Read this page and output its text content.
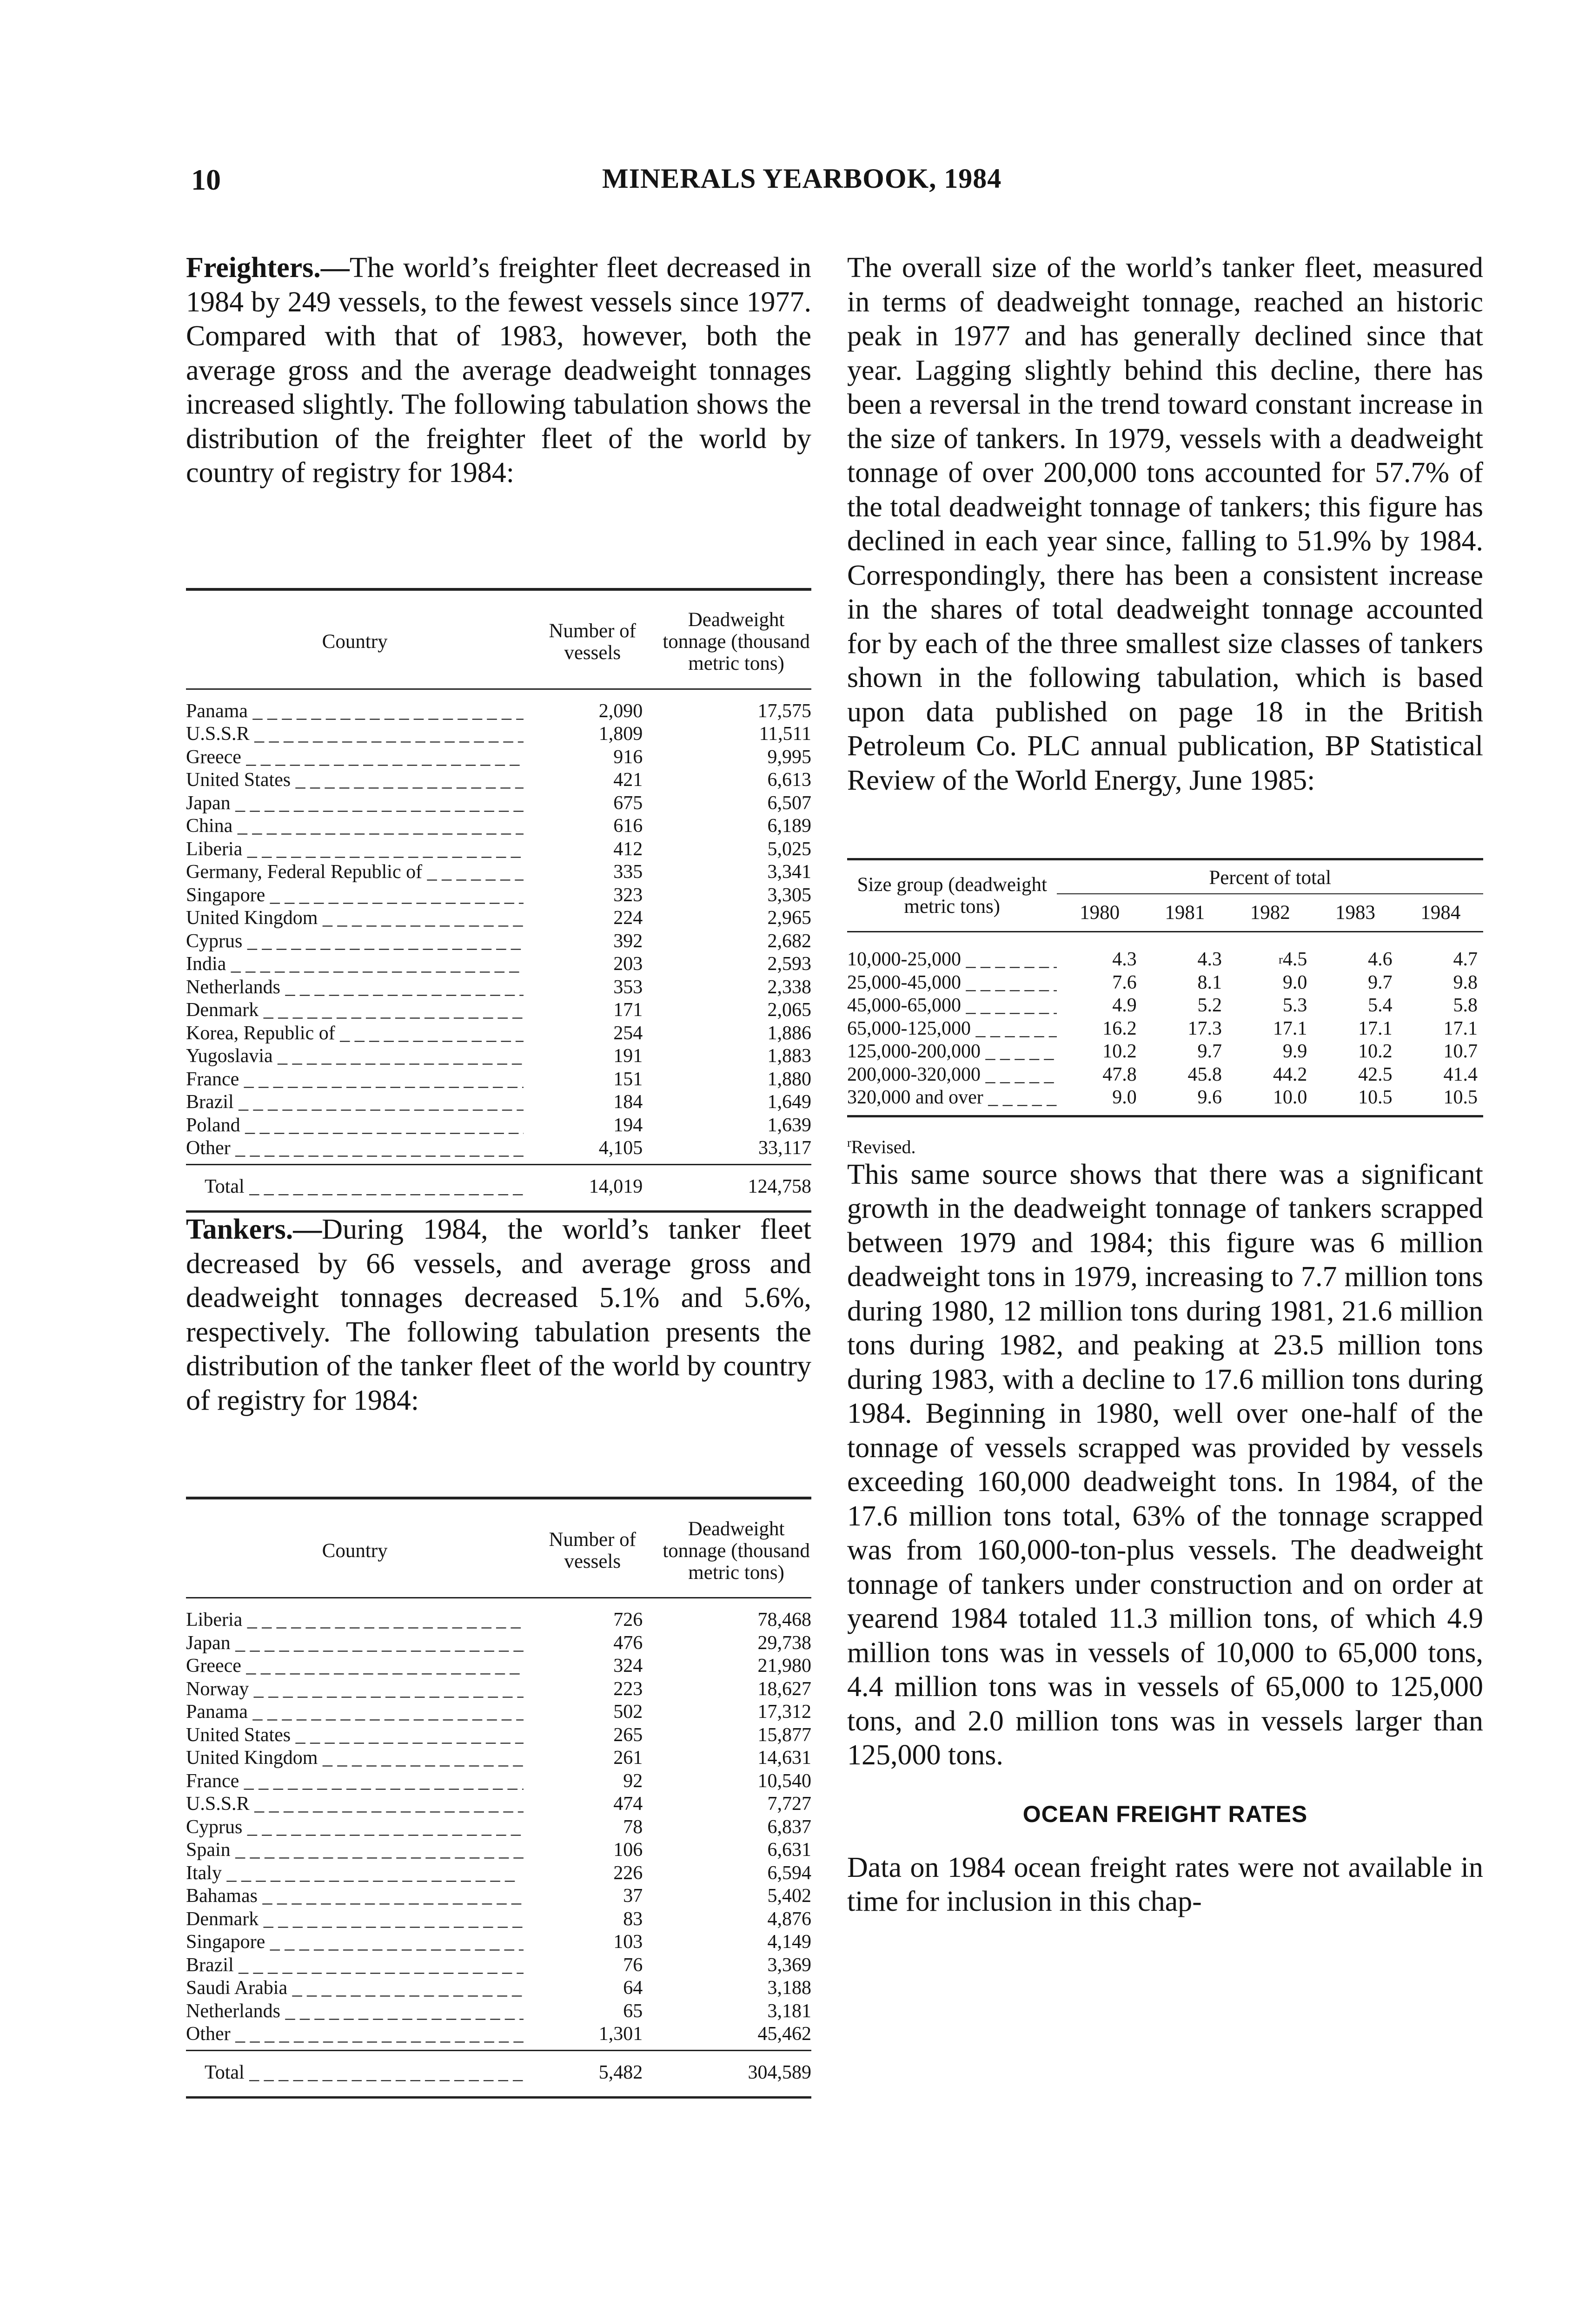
10	MINERALS YEARBOOK, 1984

Freighters.—The world’s freighter fleet decreased in 1984 by 249 vessels, to the fewest vessels since 1977. Compared with that of 1983, however, both the average gross and the average deadweight tonnages increased slightly. The following tabulation shows the distribution of the freighter fleet of the world by country of registry for 1984:

Country	Number of vessels	Deadweight tonnage (thousand metric tons)
Panama _ _ _	2,090	17,575
U.S.S.R _ _ _	1,809	11,511
Greece _ _ _	916	9,995
United States _ _ _	421	6,613
Japan _ _ _	675	6,507
China _ _ _	616	6,189
Liberia _ _ _	412	5,025
Germany, Federal Republic of _ _ _	335	3,341
Singapore _ _ _	323	3,305
United Kingdom _ _ _	224	2,965
Cyprus _ _ _	392	2,682
India _ _ _	203	2,593
Netherlands _ _ _	353	2,338
Denmark _ _ _	171	2,065
Korea, Republic of _ _ _	254	1,886
Yugoslavia _ _ _	191	1,883
France _ _ _	151	1,880
Brazil _ _ _	184	1,649
Poland _ _ _	194	1,639
Other _ _ _	4,105	33,117
Total _ _ _	14,019	124,758

Tankers.—During 1984, the world’s tanker fleet decreased by 66 vessels, and average gross and deadweight tonnages decreased 5.1% and 5.6%, respectively. The following tabulation presents the distribution of the tanker fleet of the world by country of registry for 1984:

Country	Number of vessels	Deadweight tonnage (thousand metric tons)
Liberia _ _ _	726	78,468
Japan _ _ _	476	29,738
Greece _ _ _	324	21,980
Norway _ _ _	223	18,627
Panama _ _ _	502	17,312
United States _ _ _	265	15,877
United Kingdom _ _ _	261	14,631
France _ _ _	92	10,540
U.S.S.R _ _ _	474	7,727
Cyprus _ _ _	78	6,837
Spain _ _ _	106	6,631
Italy _ _ _	226	6,594
Bahamas _ _ _	37	5,402
Denmark _ _ _	83	4,876
Singapore _ _ _	103	4,149
Brazil _ _ _	76	3,369
Saudi Arabia _ _ _	64	3,188
Netherlands _ _ _	65	3,181
Other _ _ _	1,301	45,462
Total _ _ _	5,482	304,589

The overall size of the world’s tanker fleet, measured in terms of deadweight tonnage, reached an historic peak in 1977 and has generally declined since that year. Lagging slightly behind this decline, there has been a reversal in the trend toward constant increase in the size of tankers. In 1979, vessels with a deadweight tonnage of over 200,000 tons accounted for 57.7% of the total deadweight tonnage of tankers; this figure has declined in each year since, falling to 51.9% by 1984. Correspondingly, there has been a consistent increase in the shares of total deadweight tonnage accounted for by each of the three smallest size classes of tankers shown in the following tabulation, which is based upon data published on page 18 in the British Petroleum Co. PLC annual publication, BP Statistical Review of the World Energy, June 1985:

Size group (deadweight metric tons)	Percent of total				
	1980	1981	1982	1983	1984
10,000-25,000 _ _ _	4.3	4.3	$^r$4.5	4.6	4.7
25,000-45,000 _ _ _	7.6	8.1	9.0	9.7	9.8
45,000-65,000 _ _ _	4.9	5.2	5.3	5.4	5.8
65,000-125,000 _ _ _	16.2	17.3	17.1	17.1	17.1
125,000-200,000 _ _ _	10.2	9.7	9.9	10.2	10.7
200,000-320,000 _ _ _	47.8	45.8	44.2	42.5	41.4
320,000 and over _ _ _	9.0	9.6	10.0	10.5	10.5
$^r$Revised.

This same source shows that there was a significant growth in the deadweight tonnage of tankers scrapped between 1979 and 1984; this figure was 6 million deadweight tons in 1979, increasing to 7.7 million tons during 1980, 12 million tons during 1981, 21.6 million tons during 1982, and peaking at 23.5 million tons during 1983, with a decline to 17.6 million tons during 1984. Beginning in 1980, well over one-half of the tonnage of vessels scrapped was provided by vessels exceeding 160,000 deadweight tons. In 1984, of the 17.6 million tons total, 63% of the tonnage scrapped was from 160,000-ton-plus vessels. The deadweight tonnage of tankers under construction and on order at yearend 1984 totaled 11.3 million tons, of which 4.9 million tons was in vessels of 10,000 to 65,000 tons, 4.4 million tons was in vessels of 65,000 to 125,000 tons, and 2.0 million tons was in vessels larger than 125,000 tons.

OCEAN FREIGHT RATES

Data on 1984 ocean freight rates were not available in time for inclusion in this chap-
